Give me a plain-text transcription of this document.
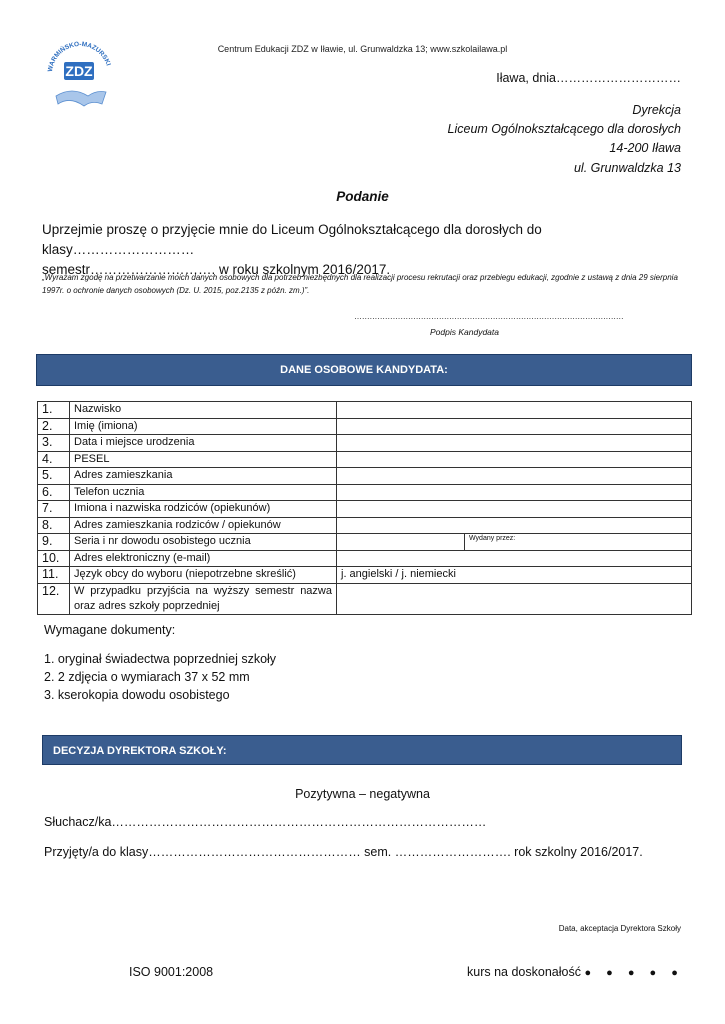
Centrum Edukacji ZDZ w Iławie, ul. Grunwaldzka 13; www.szkolailawa.pl
WARMIŃSKO-MAZURSKI
ZDZ	Iława, dnia…………………………
Dyrekcja
Liceum Ogólnokształcącego dla dorosłych
14-200 Iława
ul. Grunwaldzka 13
Podanie
Uprzejmie proszę o przyjęcie mnie do Liceum Ogólnokształcącego dla dorosłych do klasy………………………
semestr………………………. w roku szkolnym 2016/2017.
„Wyrażam zgodę na przetwarzanie moich danych osobowych dla potrzeb niezbędnych dla realizacji procesu rekrutacji oraz przebiegu edukacji, zgodnie z ustawą z dnia 29 sierpnia 1997r. o ochronie danych osobowych (Dz. U. 2015, poz.2135 z późn. zm.)”.
……………………………………………………………………………………………
Podpis Kandydata
DANE OSOBOWE KANDYDATA:
1.	Nazwisko		
2.	Imię (imiona)		
3.	Data i miejsce urodzenia		
4.	PESEL		
5.	Adres zamieszkania		
6.	Telefon ucznia		
7.	Imiona i nazwiska rodziców (opiekunów)		
8.	Adres zamieszkania rodziców / opiekunów		
9.	Seria i nr dowodu osobistego ucznia		Wydany przez:
10.	Adres elektroniczny (e-mail)		
11.	Język obcy do wyboru (niepotrzebne skreślić)	j. angielski / j. niemiecki	
12.	W przypadku przyjścia na wyższy semestr nazwa oraz adres szkoły poprzedniej		
Wymagane dokumenty:
1. oryginał świadectwa poprzedniej szkoły
2. 2 zdjęcia o wymiarach 37 x 52 mm
3. kserokopia dowodu osobistego
DECYZJA DYREKTORA SZKOŁY:
Pozytywna – negatywna
Słuchacz/ka………………………………………………………………………………
Przyjęty/a do klasy…………………………………………… sem. ………………………. rok szkolny 2016/2017.
Data, akceptacja Dyrektora Szkoły
ISO 9001:2008	kurs na doskonałość ● ● ● ● ●
